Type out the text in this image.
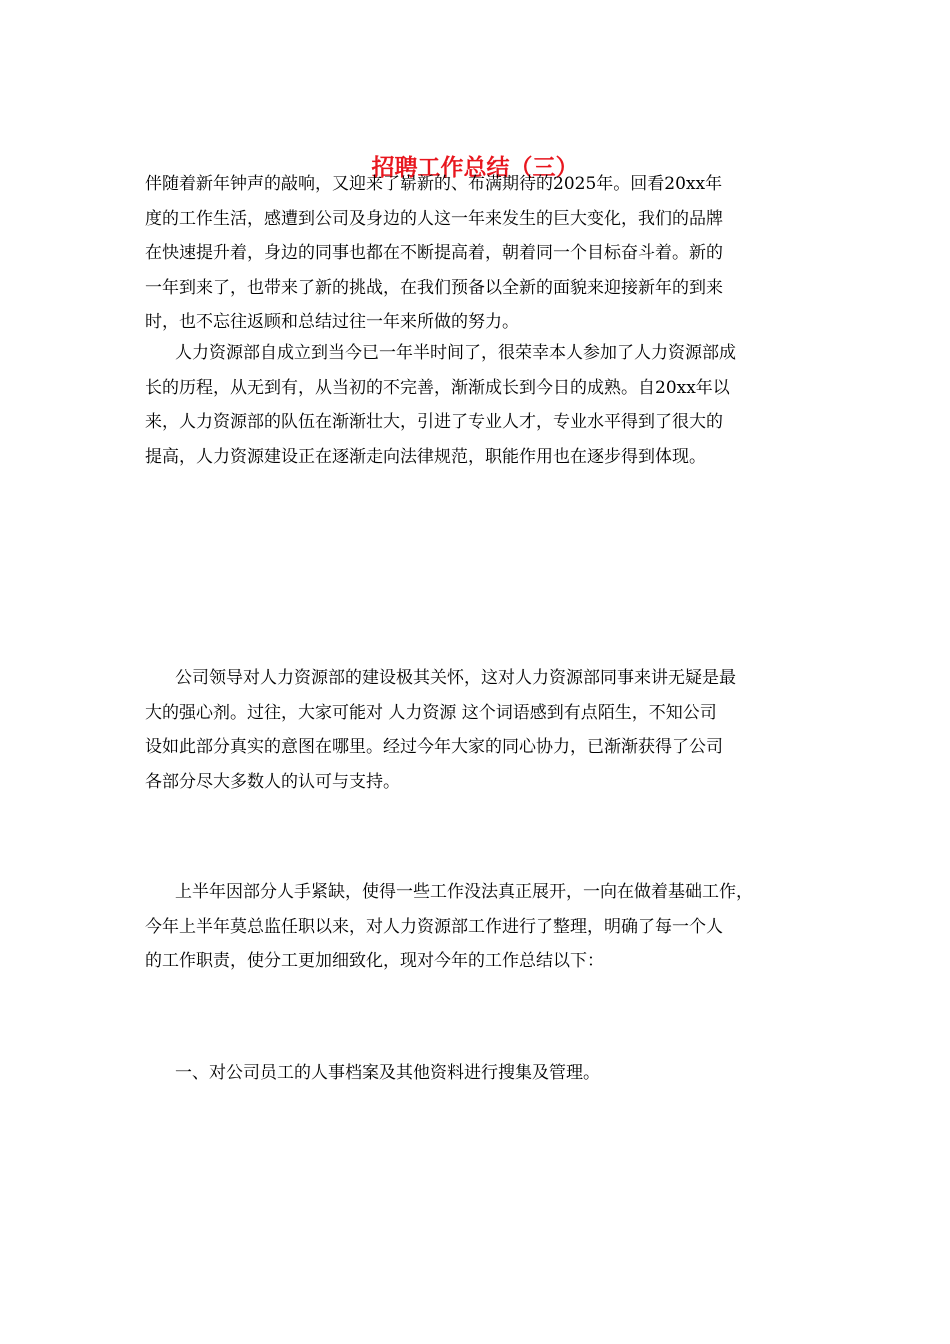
招聘工作总结（三）
伴随着新年钟声的敲响，又迎来了崭新的、布满期待的2025年。回看20xx年
度的工作生活，感遭到公司及身边的人这一年来发生的巨大变化，我们的品牌
在快速提升着，身边的同事也都在不断提高着，朝着同一个目标奋斗着。新的
一年到来了，也带来了新的挑战，在我们预备以全新的面貌来迎接新年的到来
时，也不忘往返顾和总结过往一年来所做的努力。
人力资源部自成立到当今已一年半时间了，很荣幸本人参加了人力资源部成
长的历程，从无到有，从当初的不完善，渐渐成长到今日的成熟。自20xx年以
来，人力资源部的队伍在渐渐壮大，引进了专业人才，专业水平得到了很大的
提高，人力资源建设正在逐渐走向法律规范，职能作用也在逐步得到体现。
公司领导对人力资源部的建设极其关怀，这对人力资源部同事来讲无疑是最
大的强心剂。过往，大家可能对 人力资源 这个词语感到有点陌生，不知公司
设如此部分真实的意图在哪里。经过今年大家的同心协力，已渐渐获得了公司
各部分尽大多数人的认可与支持。
上半年因部分人手紧缺，使得一些工作没法真正展开，一向在做着基础工作，
今年上半年莫总监任职以来，对人力资源部工作进行了整理，明确了每一个人
的工作职责，使分工更加细致化，现对今年的工作总结以下：
一、对公司员工的人事档案及其他资料进行搜集及管理。
